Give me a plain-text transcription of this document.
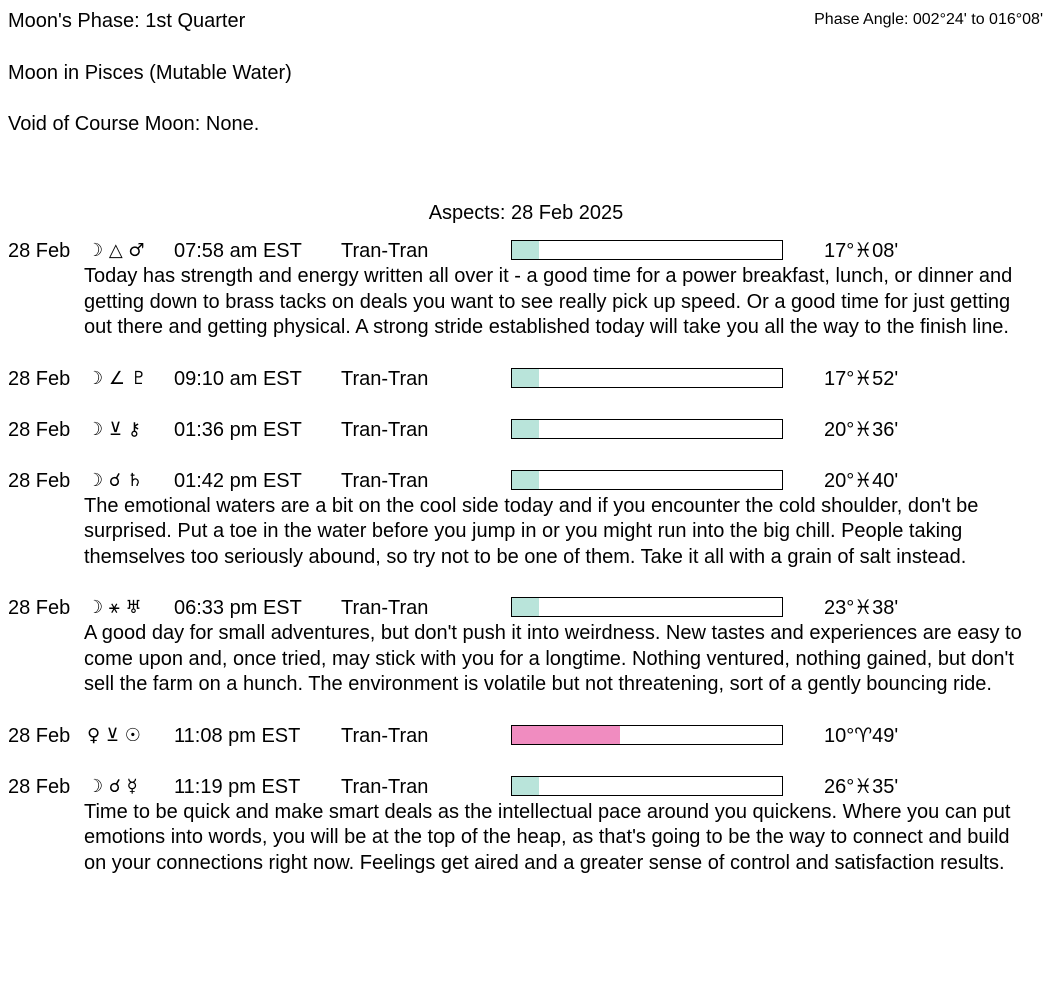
Moon's Phase: 1st Quarter	Phase Angle: 002°24' to 016°08'
Moon in Pisces (Mutable Water)
Void of Course Moon: None.
Aspects: 28 Feb 2025
28 Feb ☽ △ ♂ 07:58 am EST Tran-Tran	17°♓08'
Today has strength and energy written all over it - a good time for a power breakfast, lunch, or dinner and getting down to brass tacks on deals you want to see really pick up speed. Or a good time for just getting out there and getting physical. A strong stride established today will take you all the way to the finish line.
28 Feb ☽ ∠ ♇ 09:10 am EST Tran-Tran	17°♓52'
28 Feb ☽ ⊻ ⚷ 01:36 pm EST Tran-Tran	20°♓36'
28 Feb ☽ ☌ ♄ 01:42 pm EST Tran-Tran	20°♓40'
The emotional waters are a bit on the cool side today and if you encounter the cold shoulder, don't be surprised. Put a toe in the water before you jump in or you might run into the big chill. People taking themselves too seriously abound, so try not to be one of them. Take it all with a grain of salt instead.
28 Feb ☽ ⚹ ♅ 06:33 pm EST Tran-Tran	23°♓38'
A good day for small adventures, but don't push it into weirdness. New tastes and experiences are easy to come upon and, once tried, may stick with you for a longtime. Nothing ventured, nothing gained, but don't sell the farm on a hunch. The environment is volatile but not threatening, sort of a gently bouncing ride.
28 Feb ♀ ⊻ ☉ 11:08 pm EST Tran-Tran	10°♈49'
28 Feb ☽ ☌ ☿ 11:19 pm EST Tran-Tran	26°♓35'
Time to be quick and make smart deals as the intellectual pace around you quickens. Where you can put emotions into words, you will be at the top of the heap, as that's going to be the way to connect and build on your connections right now. Feelings get aired and a greater sense of control and satisfaction results.
